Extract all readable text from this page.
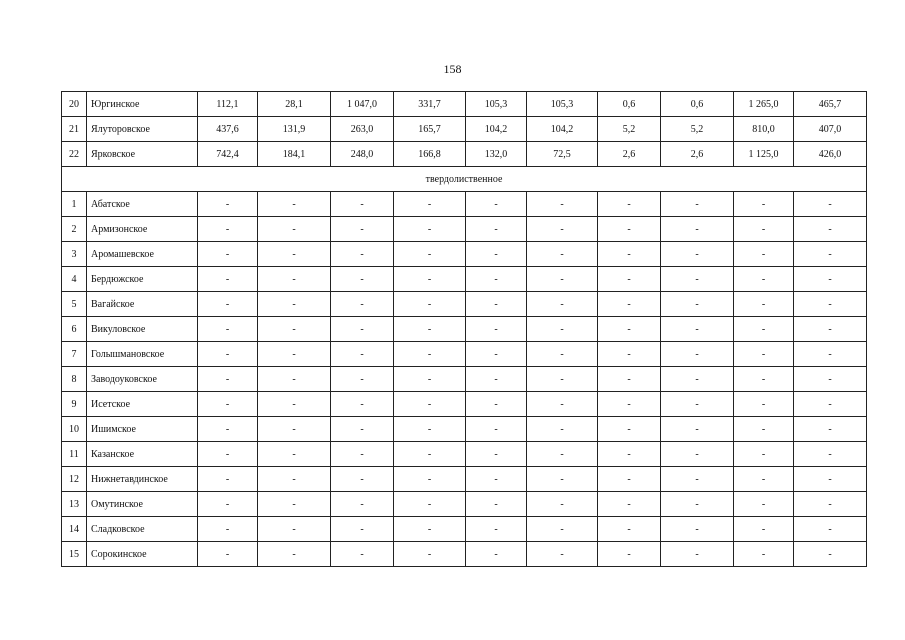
158
20	Юргинское	112,1	28,1	1 047,0	331,7	105,3	105,3	0,6	0,6	1 265,0	465,7
21	Ялуторовское	437,6	131,9	263,0	165,7	104,2	104,2	5,2	5,2	810,0	407,0
22	Ярковское	742,4	184,1	248,0	166,8	132,0	72,5	2,6	2,6	1 125,0	426,0
твердолиственное											
1	Абатское	-	-	-	-	-	-	-	-	-	-
2	Армизонское	-	-	-	-	-	-	-	-	-	-
3	Аромашевское	-	-	-	-	-	-	-	-	-	-
4	Бердюжское	-	-	-	-	-	-	-	-	-	-
5	Вагайское	-	-	-	-	-	-	-	-	-	-
6	Викуловское	-	-	-	-	-	-	-	-	-	-
7	Голышмановское	-	-	-	-	-	-	-	-	-	-
8	Заводоуковское	-	-	-	-	-	-	-	-	-	-
9	Исетское	-	-	-	-	-	-	-	-	-	-
10	Ишимское	-	-	-	-	-	-	-	-	-	-
11	Казанское	-	-	-	-	-	-	-	-	-	-
12	Нижнетавдинское	-	-	-	-	-	-	-	-	-	-
13	Омутинское	-	-	-	-	-	-	-	-	-	-
14	Сладковское	-	-	-	-	-	-	-	-	-	-
15	Сорокинское	-	-	-	-	-	-	-	-	-	-
